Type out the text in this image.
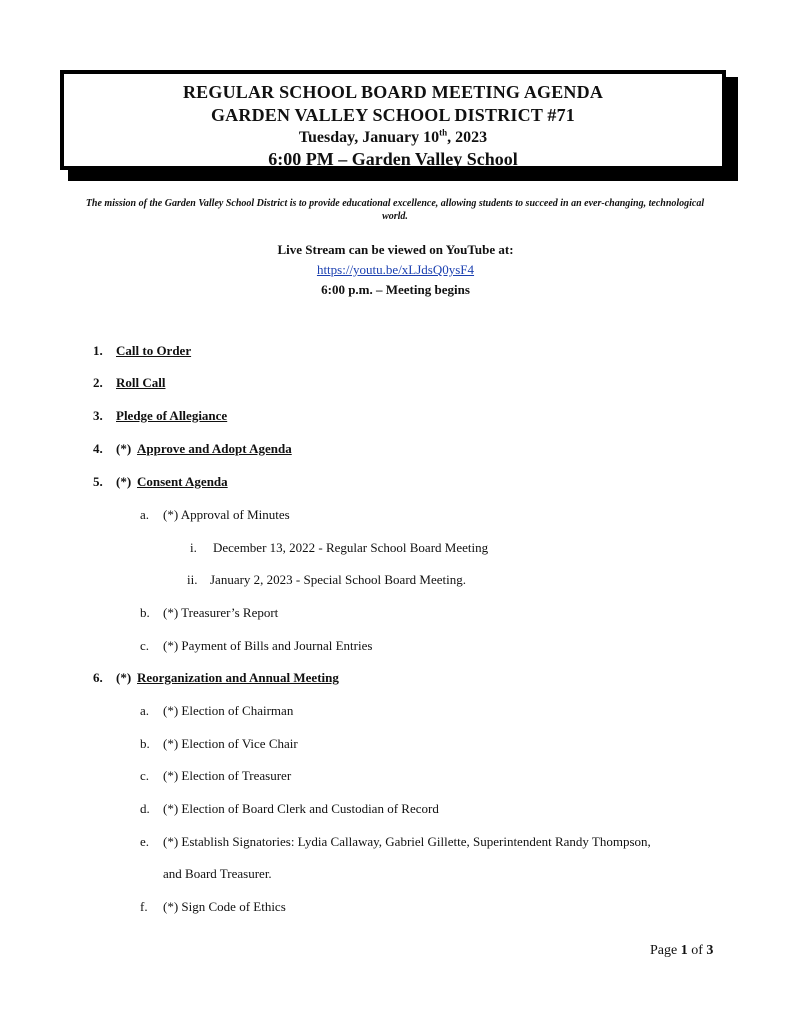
REGULAR SCHOOL BOARD MEETING AGENDA
GARDEN VALLEY SCHOOL DISTRICT #71
Tuesday, January 10th, 2023
6:00 PM – Garden Valley School
The mission of the Garden Valley School District is to provide educational excellence, allowing students to succeed in an ever-changing, technological world.
Live Stream can be viewed on YouTube at:
https://youtu.be/xLJdsQ0ysF4
6:00 p.m. – Meeting begins
1. Call to Order
2. Roll Call
3. Pledge of Allegiance
4. (*) Approve and Adopt Agenda
5. (*) Consent Agenda
a. (*) Approval of Minutes
i. December 13, 2022 - Regular School Board Meeting
ii. January 2, 2023 - Special School Board Meeting.
b. (*) Treasurer’s Report
c. (*) Payment of Bills and Journal Entries
6. (*) Reorganization and Annual Meeting
a. (*) Election of Chairman
b. (*) Election of Vice Chair
c. (*) Election of Treasurer
d. (*) Election of Board Clerk and Custodian of Record
e. (*) Establish Signatories: Lydia Callaway, Gabriel Gillette, Superintendent Randy Thompson,
and Board Treasurer.
f. (*) Sign Code of Ethics
Page 1 of 3
